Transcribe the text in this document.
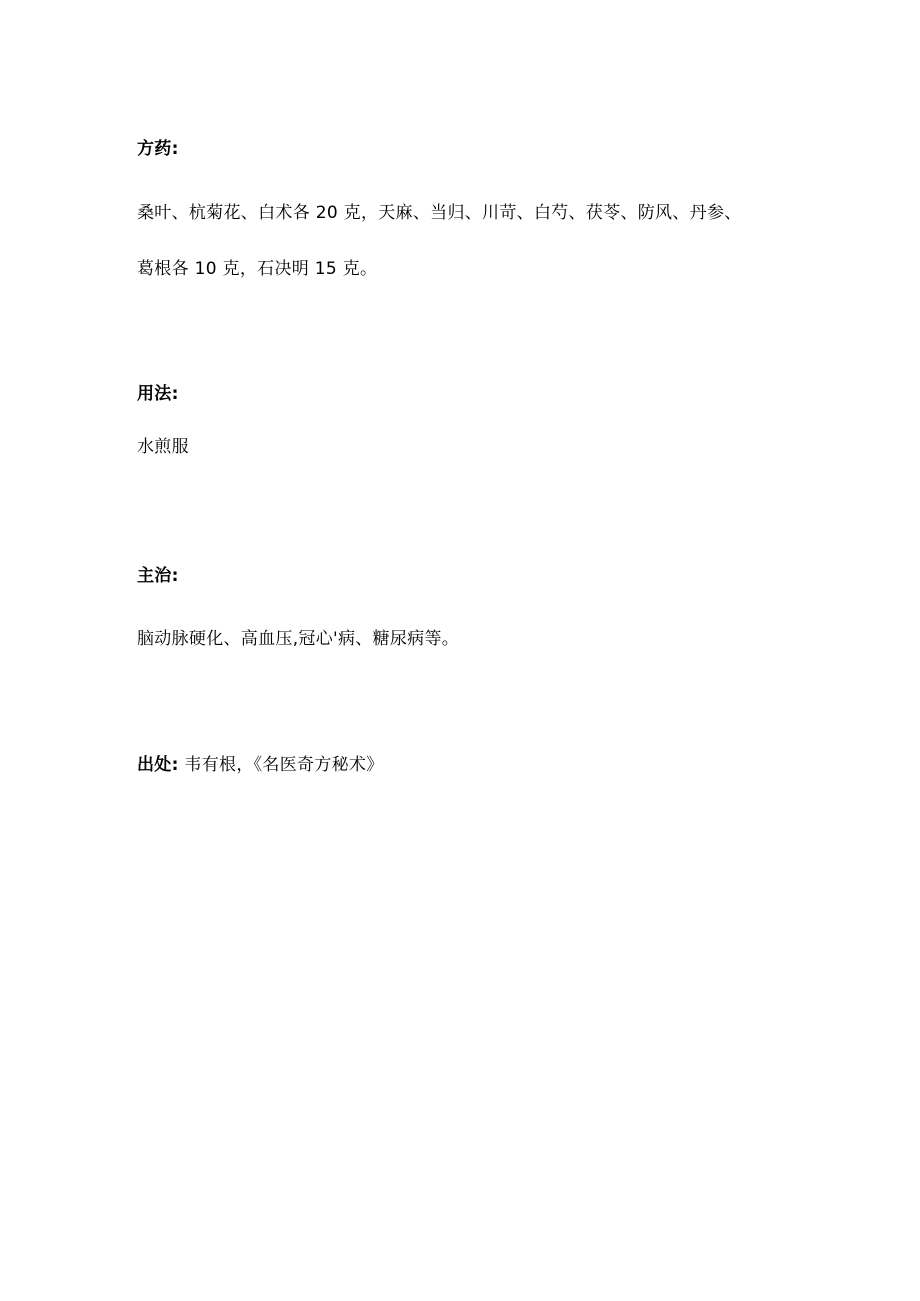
方药:
桑叶、杭菊花、白术各 20 克，天麻、当归、川苛、白芍、茯苓、防风、丹参、
葛根各 10 克，石决明 15 克。
用法:
水煎服
主治:
脑动脉硬化、高血压,冠心'病、糖尿病等。
出处: 韦有根，《名医奇方秘术》
